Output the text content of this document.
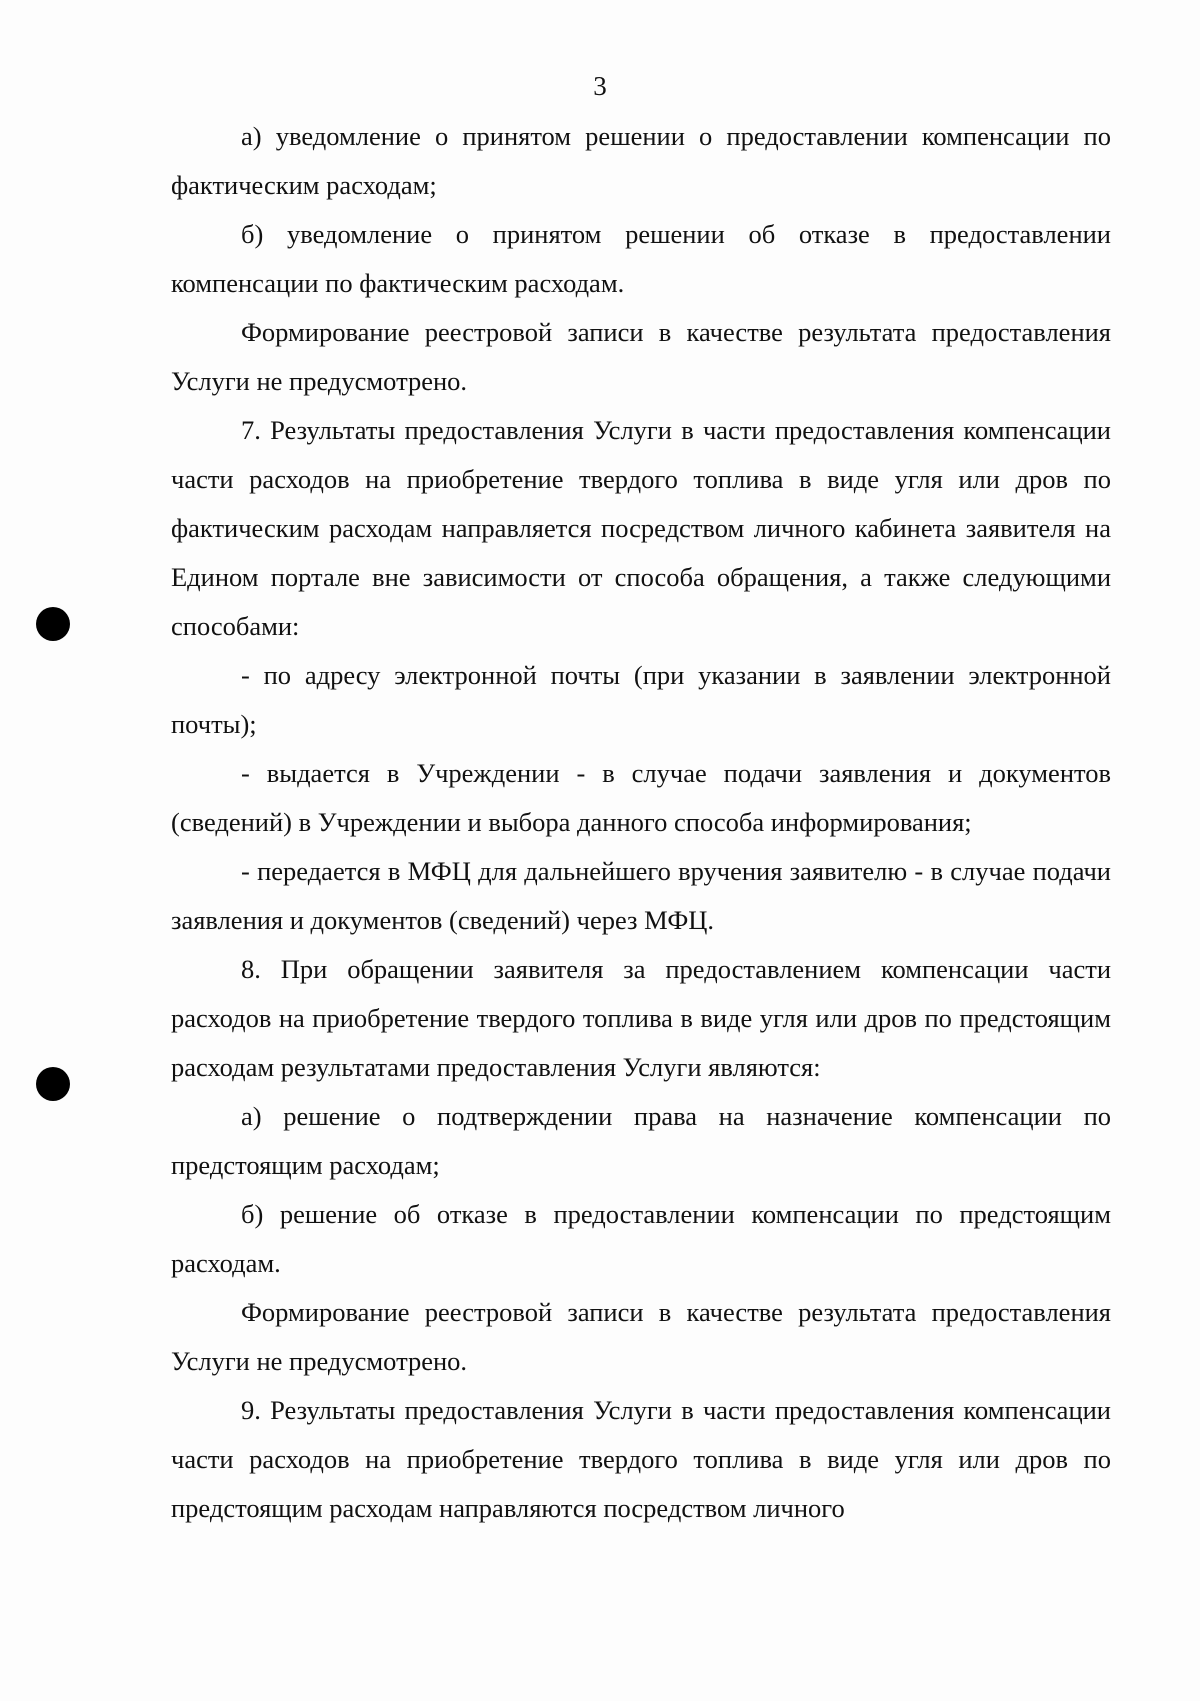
3

а) уведомление о принятом решении о предоставлении компенсации по фактическим расходам;

б) уведомление о принятом решении об отказе в предоставлении компенсации по фактическим расходам.

Формирование реестровой записи в качестве результата предоставления Услуги не предусмотрено.

7. Результаты предоставления Услуги в части предоставления компенсации части расходов на приобретение твердого топлива в виде угля или дров по фактическим расходам направляется посредством личного кабинета заявителя на Едином портале вне зависимости от способа обращения, а также следующими способами:

- по адресу электронной почты (при указании в заявлении электронной почты);

- выдается в Учреждении - в случае подачи заявления и документов (сведений) в Учреждении и выбора данного способа информирования;

- передается в МФЦ для дальнейшего вручения заявителю - в случае подачи заявления и документов (сведений) через МФЦ.

8. При обращении заявителя за предоставлением компенсации части расходов на приобретение твердого топлива в виде угля или дров по предстоящим расходам результатами предоставления Услуги являются:

а) решение о подтверждении права на назначение компенсации по предстоящим расходам;

б) решение об отказе в предоставлении компенсации по предстоящим расходам.

Формирование реестровой записи в качестве результата предоставления Услуги не предусмотрено.

9. Результаты предоставления Услуги в части предоставления компенсации части расходов на приобретение твердого топлива в виде угля или дров по предстоящим расходам направляются посредством личного
